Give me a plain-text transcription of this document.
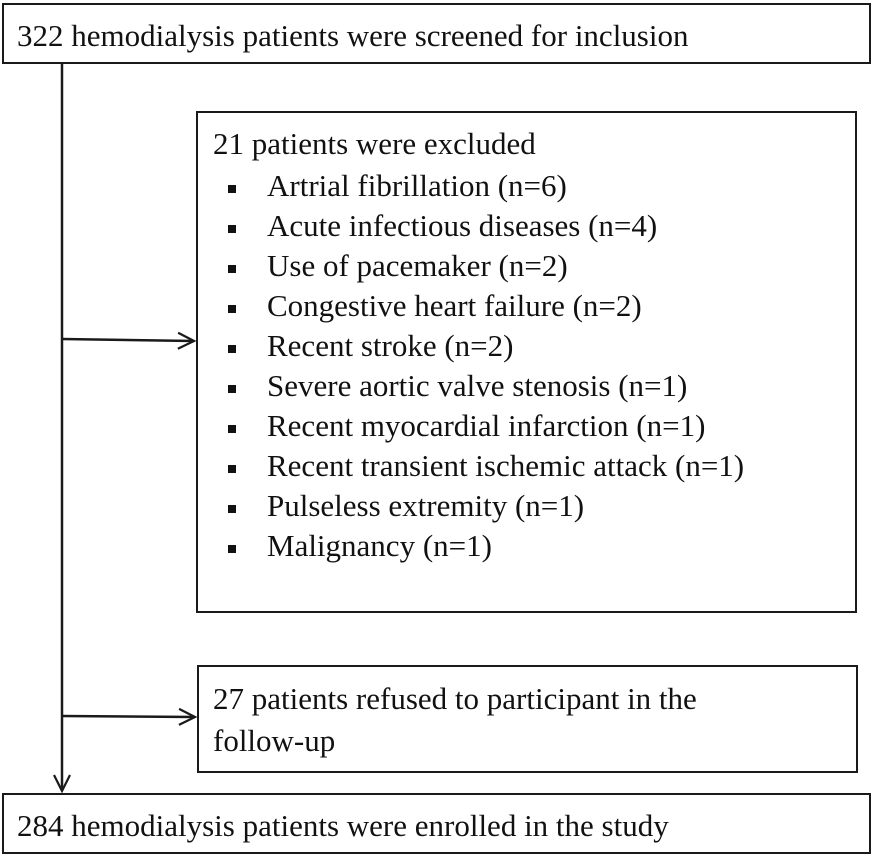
322 hemodialysis patients were screened for inclusion
21 patients were excluded
Artrial fibrillation (n=6)
Acute infectious diseases (n=4)
Use of pacemaker (n=2)
Congestive heart failure (n=2)
Recent stroke (n=2)
Severe aortic valve stenosis (n=1)
Recent myocardial infarction (n=1)
Recent transient ischemic attack (n=1)
Pulseless extremity (n=1)
Malignancy (n=1)
27 patients refused to participant in the
follow-up
284 hemodialysis patients were enrolled in the study
